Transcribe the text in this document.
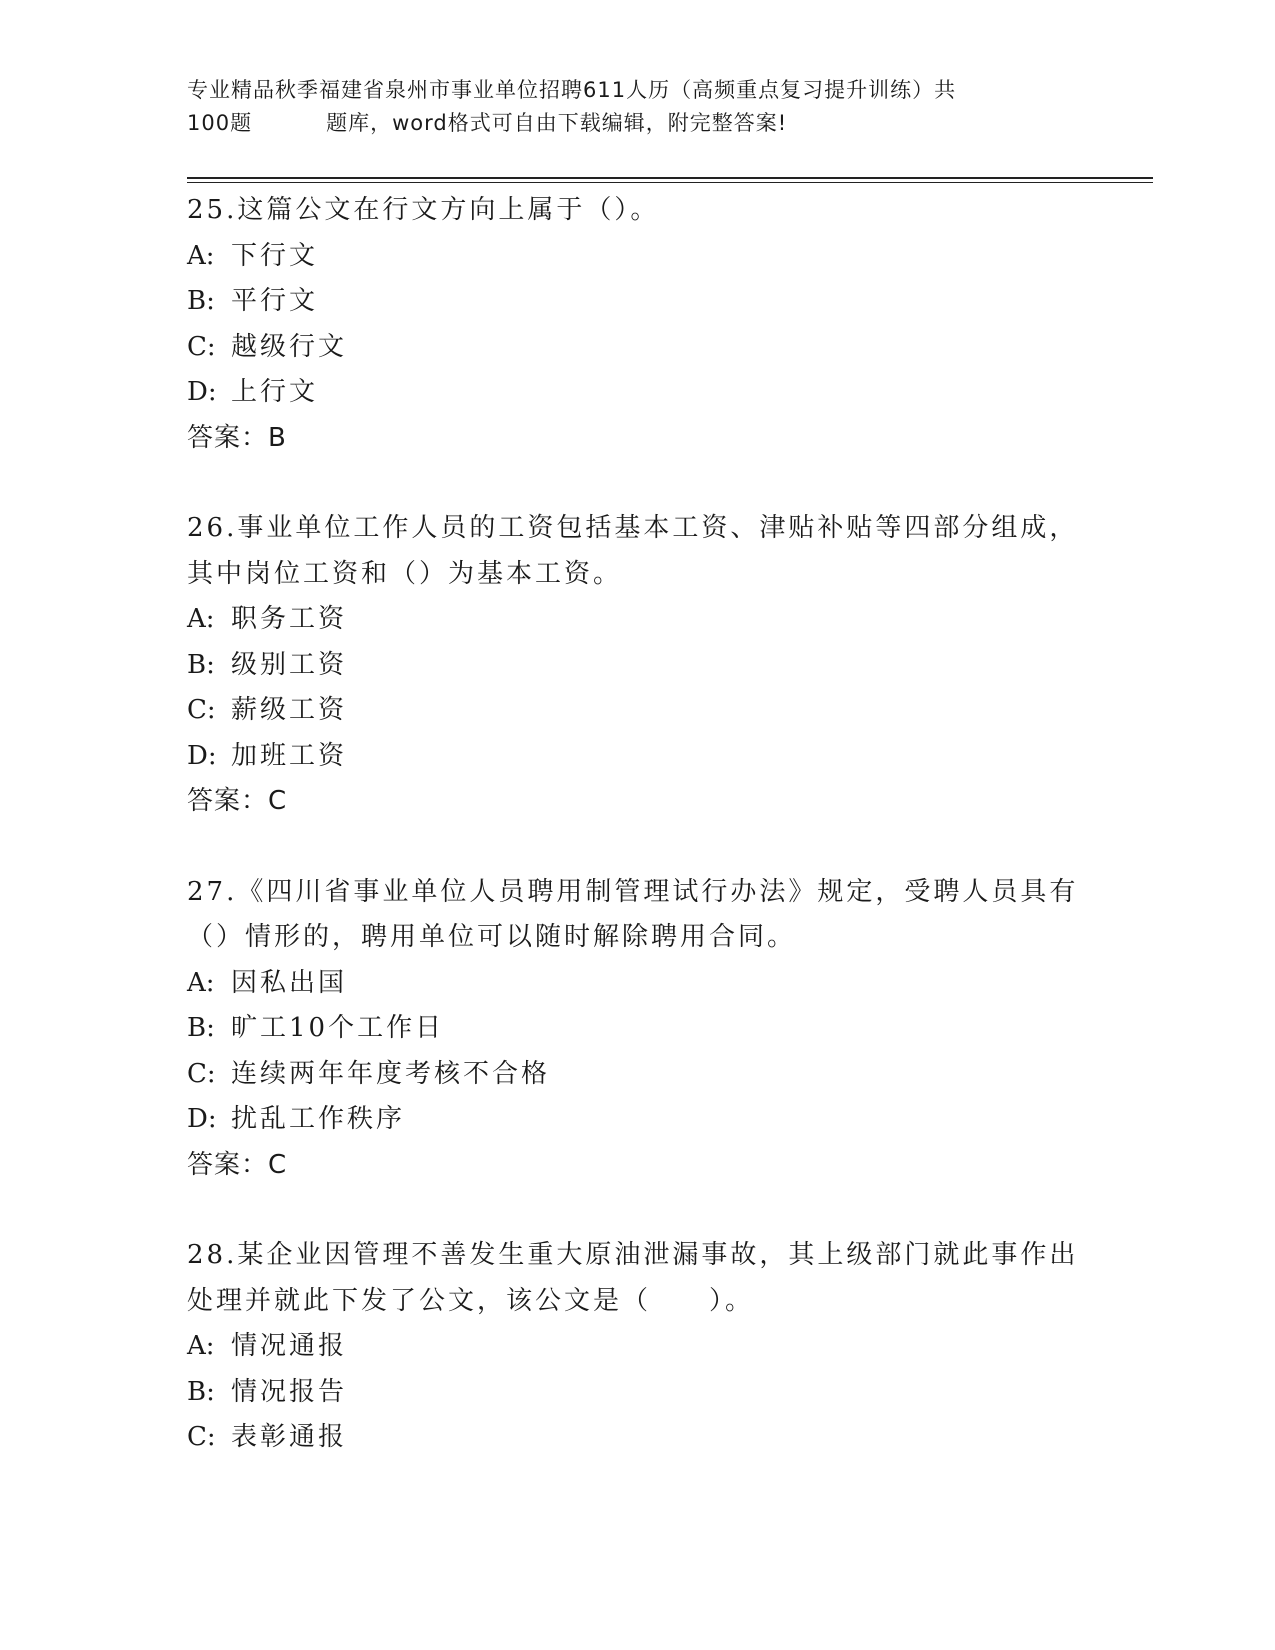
专业精品秋季福建省泉州市事业单位招聘611人历（高频重点复习提升训练）共
100题	题库，word格式可自由下载编辑，附完整答案!

25.这篇公文在行文方向上属于（）。

A: 下行文

B: 平行文

C: 越级行文

D: 上行文

答案：B

26.事业单位工作人员的工资包括基本工资、津贴补贴等四部分组成，

其中岗位工资和（）为基本工资。

A: 职务工资

B: 级别工资

C: 薪级工资

D: 加班工资

答案：C

27.《四川省事业单位人员聘用制管理试行办法》规定，受聘人员具有

（）情形的，聘用单位可以随时解除聘用合同。

A: 因私出国

B: 旷工10个工作日

C: 连续两年年度考核不合格

D: 扰乱工作秩序

答案：C

28.某企业因管理不善发生重大原油泄漏事故，其上级部门就此事作出

处理并就此下发了公文，该公文是（　　）。

A: 情况通报

B: 情况报告

C: 表彰通报
